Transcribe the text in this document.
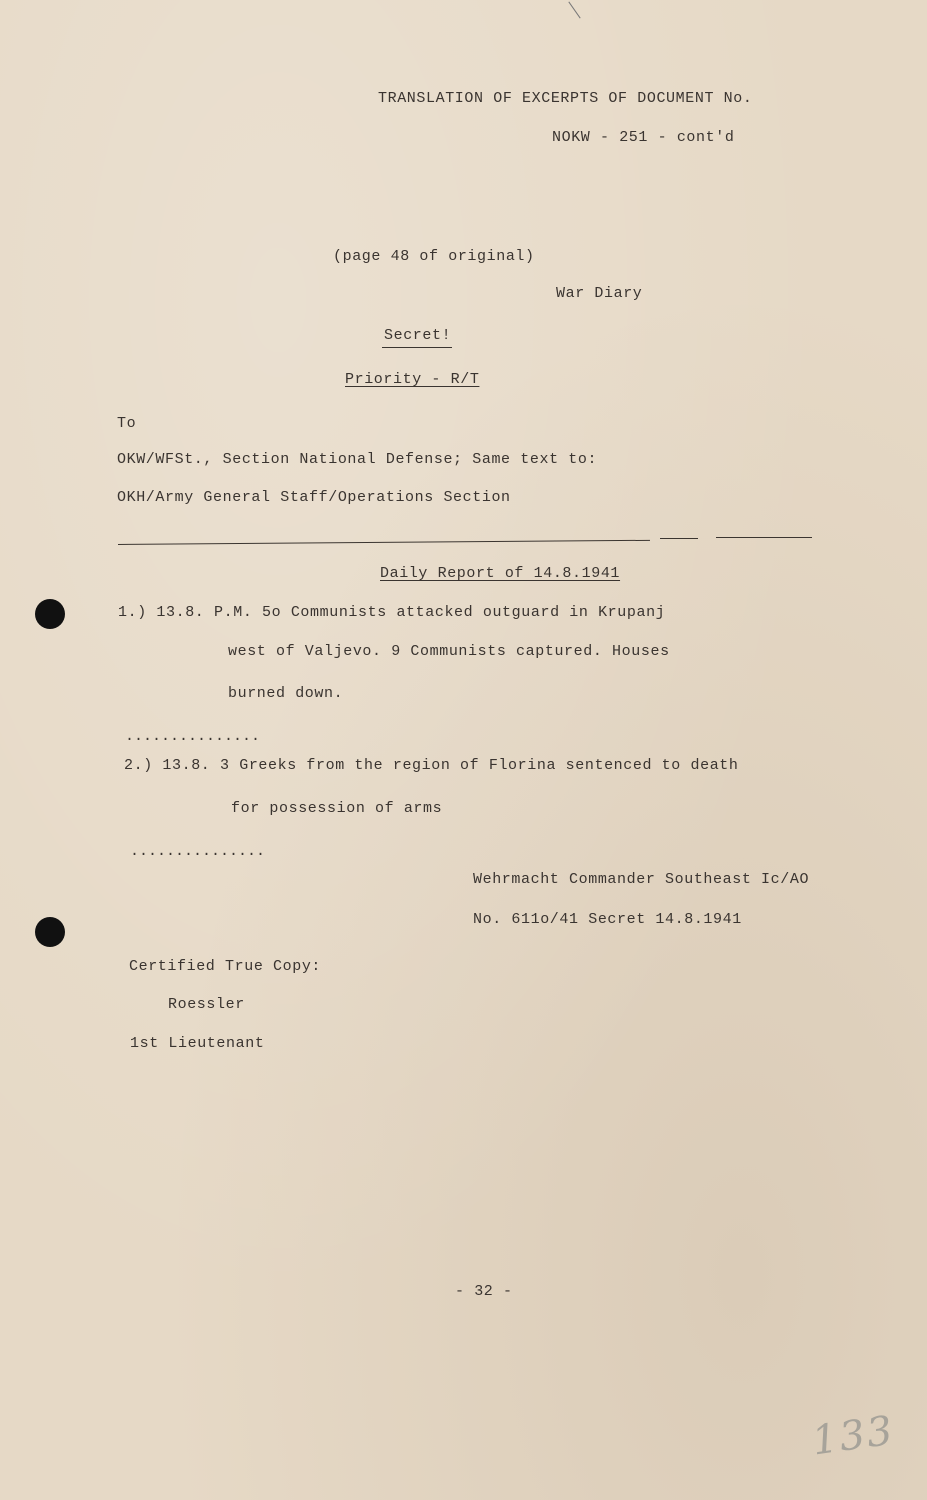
TRANSLATION OF EXCERPTS OF DOCUMENT No.
NOKW - 251 - cont'd
(page 48 of original)
War Diary
Secret!
Priority - R/T
To
OKW/WFSt., Section National Defense; Same text to:
OKH/Army General Staff/Operations Section
Daily Report of 14.8.1941
1.) 13.8. P.M. 5o Communists attacked outguard in Krupanj
west of Valjevo. 9 Communists captured. Houses
burned down.
...............
2.) 13.8. 3 Greeks from the region of Florina sentenced to death
for possession of arms
...............
Wehrmacht Commander Southeast Ic/AO
No. 611o/41 Secret 14.8.1941
Certified True Copy:
Roessler
1st Lieutenant
- 32 -
133
